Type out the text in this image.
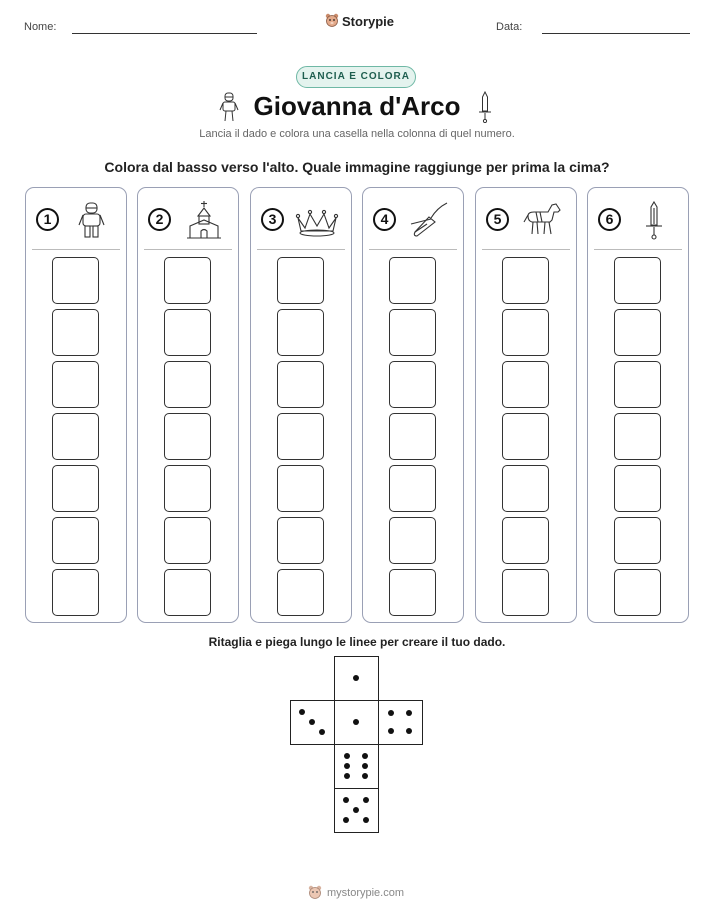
Nome:	Storypie	Data:
LANCIA E COLORA
Giovanna d'Arco
Lancia il dado e colora una casella nella colonna di quel numero.
Colora dal basso verso l'alto. Quale immagine raggiunge per prima la cima?
1	2	3	4	5	6
Ritaglia e piega lungo le linee per creare il tuo dado.
mystorypie.com
